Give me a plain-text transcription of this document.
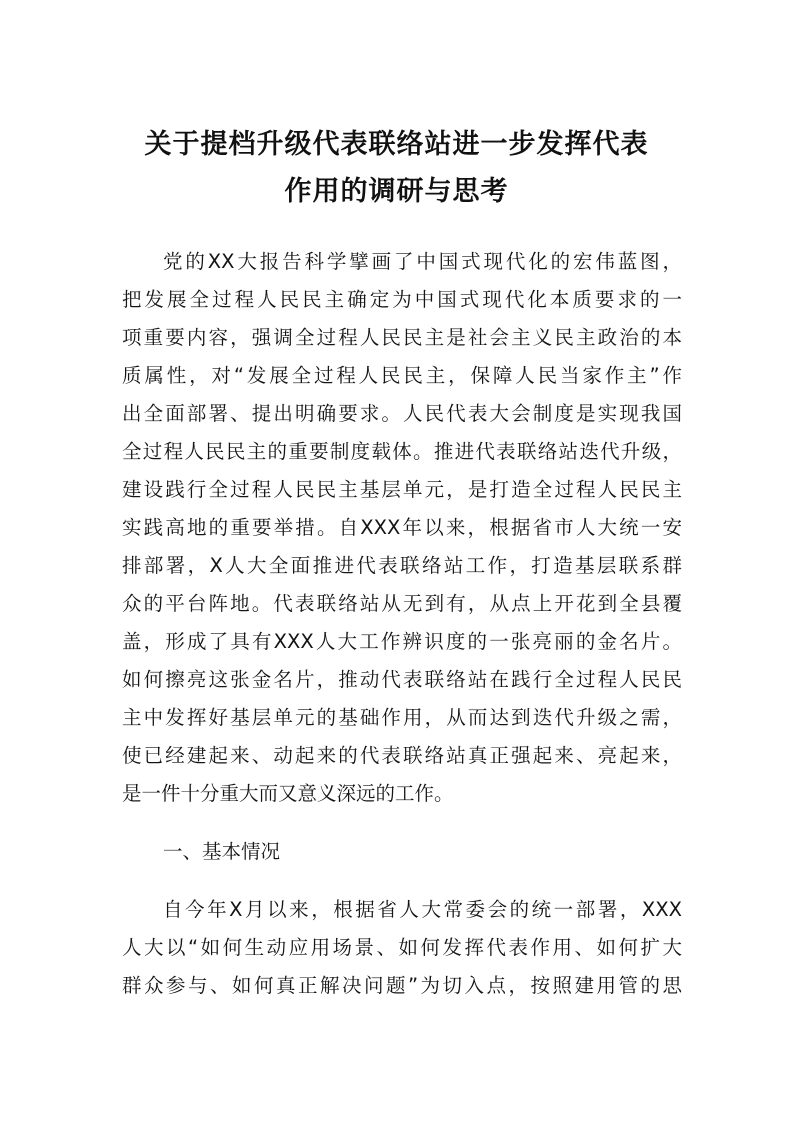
关于提档升级代表联络站进一步发挥代表
作用的调研与思考
党的XX大报告科学擘画了中国式现代化的宏伟蓝图，
把发展全过程人民民主确定为中国式现代化本质要求的一
项重要内容，强调全过程人民民主是社会主义民主政治的本
质属性，对“发展全过程人民民主，保障人民当家作主”作
出全面部署、提出明确要求。人民代表大会制度是实现我国
全过程人民民主的重要制度载体。推进代表联络站迭代升级，
建设践行全过程人民民主基层单元，是打造全过程人民民主
实践高地的重要举措。自XXX年以来，根据省市人大统一安
排部署，X人大全面推进代表联络站工作，打造基层联系群
众的平台阵地。代表联络站从无到有，从点上开花到全县覆
盖，形成了具有XXX人大工作辨识度的一张亮丽的金名片。
如何擦亮这张金名片，推动代表联络站在践行全过程人民民
主中发挥好基层单元的基础作用，从而达到迭代升级之需，
使已经建起来、动起来的代表联络站真正强起来、亮起来，
是一件十分重大而又意义深远的工作。
一、基本情况
自今年X月以来，根据省人大常委会的统一部署，XXX
人大以“如何生动应用场景、如何发挥代表作用、如何扩大
群众参与、如何真正解决问题”为切入点，按照建用管的思
